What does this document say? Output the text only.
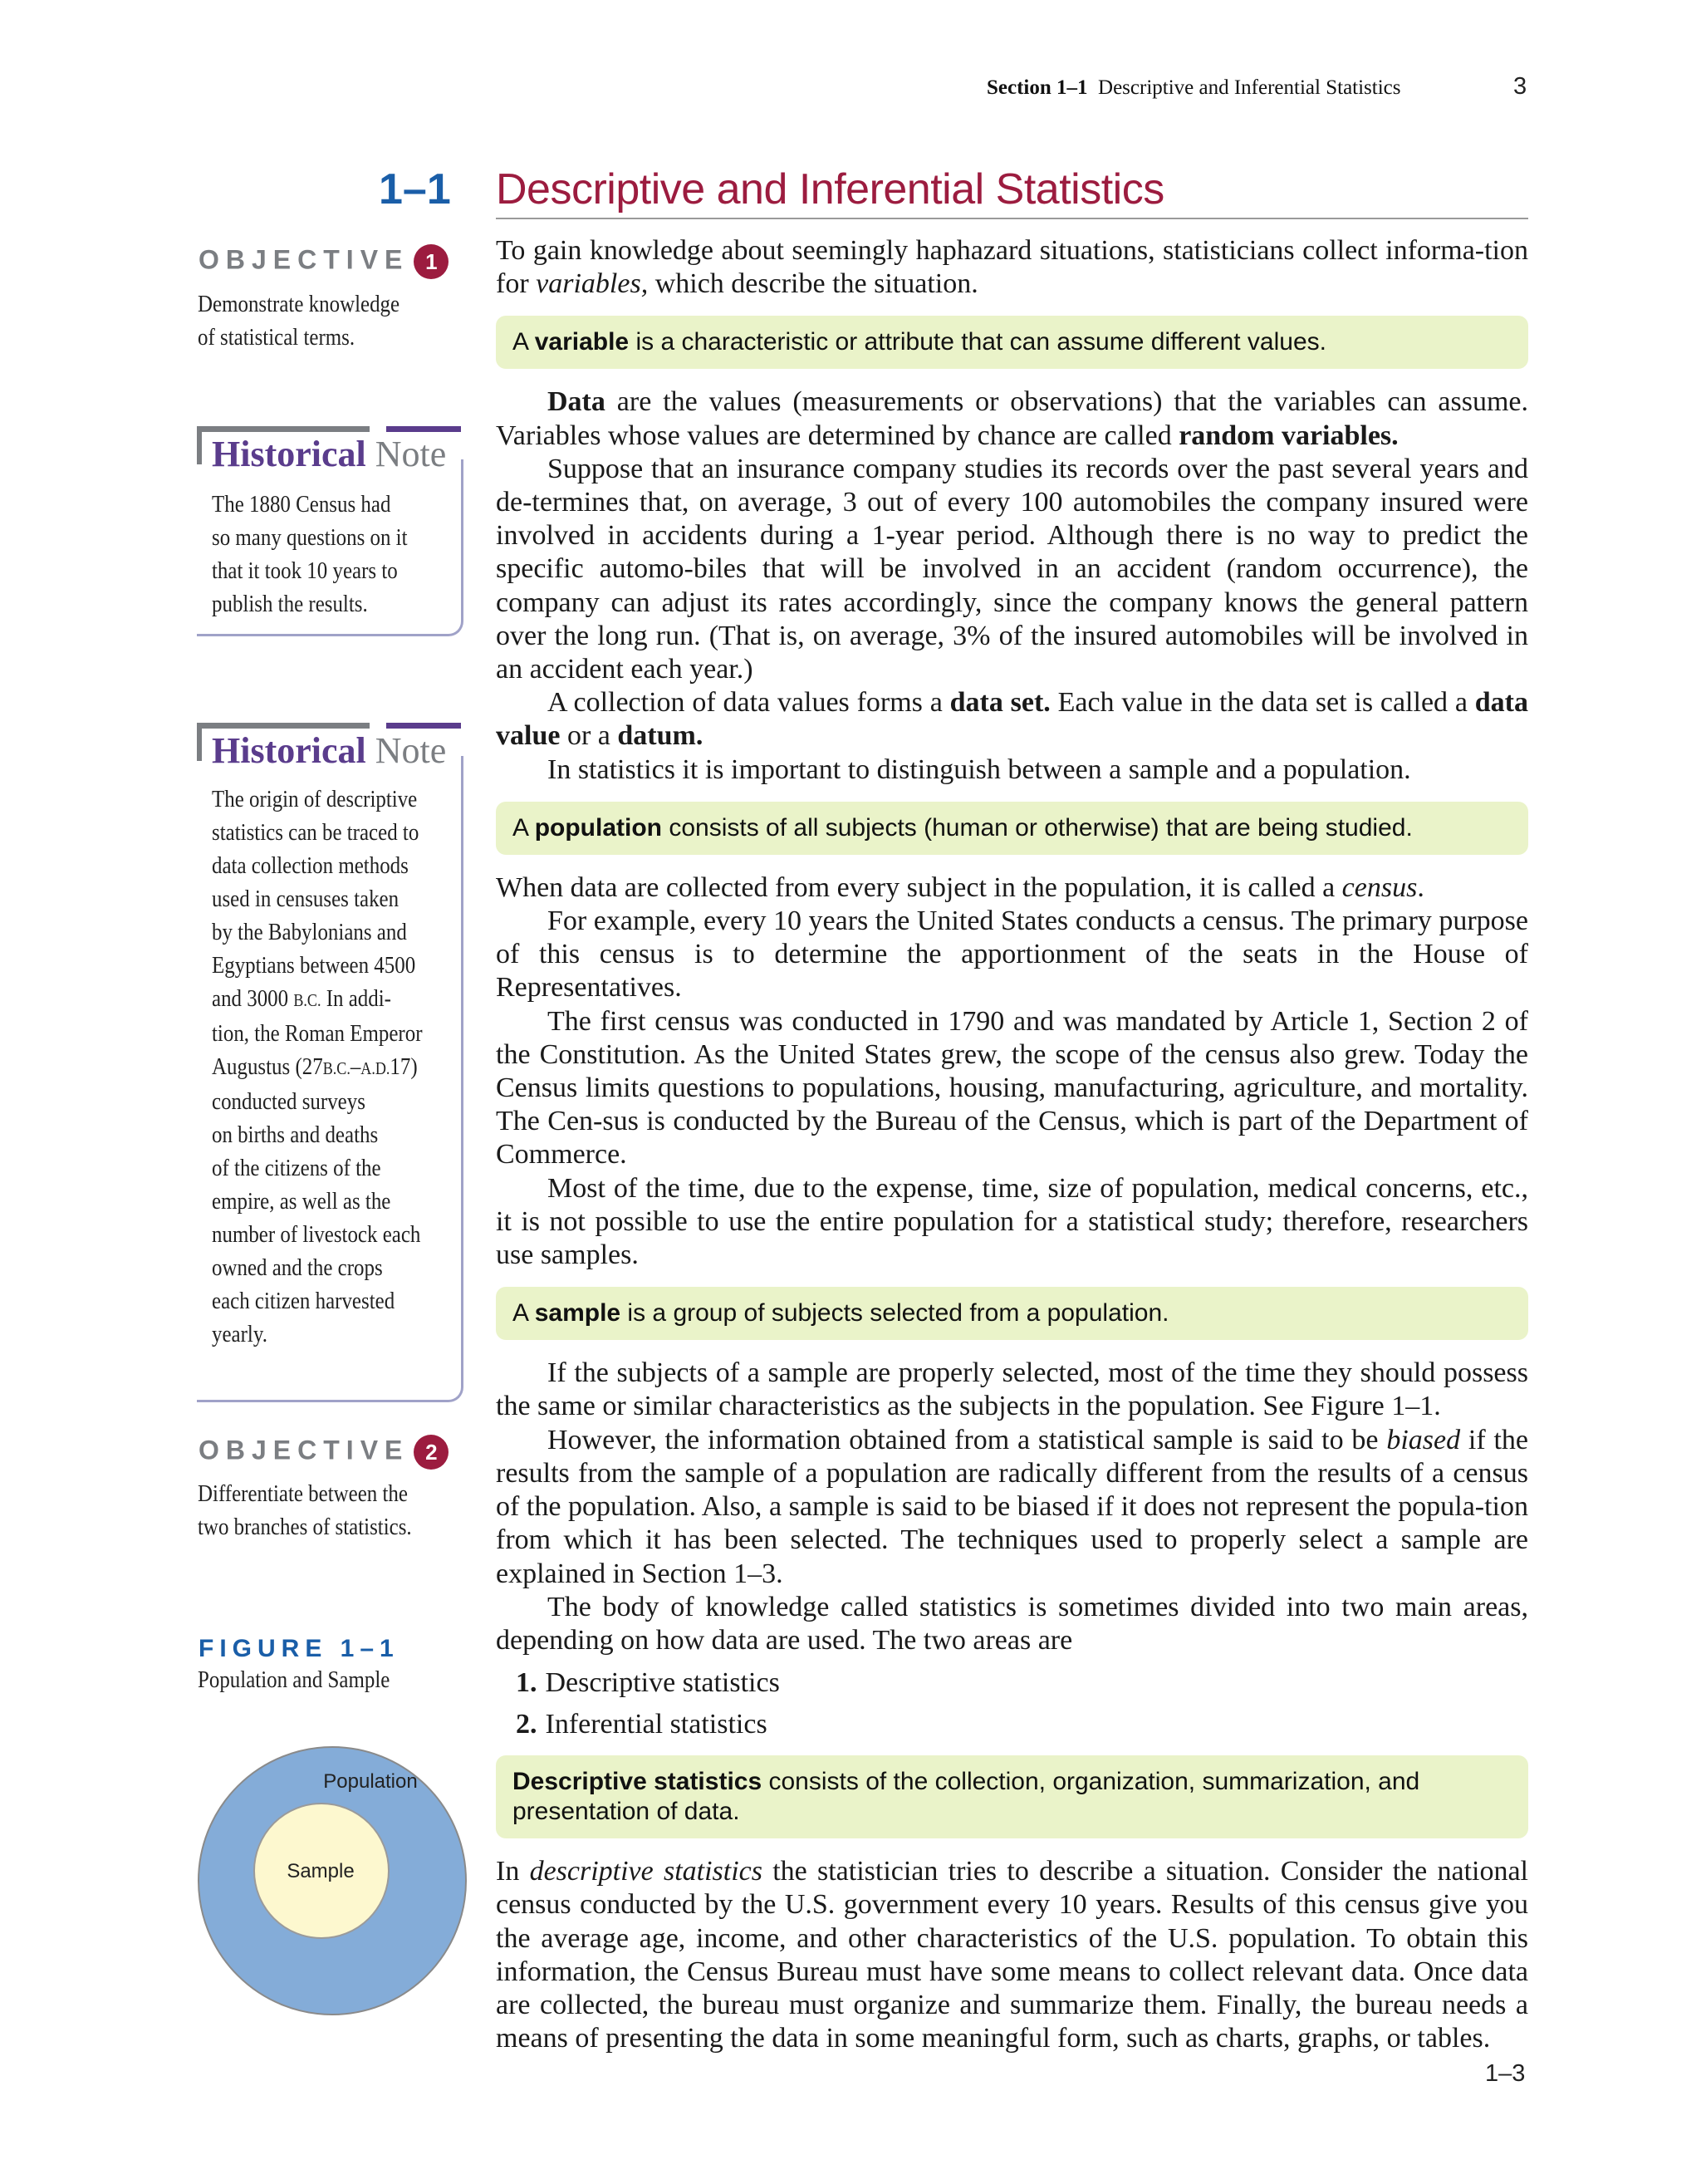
Section 1–1 Descriptive and Inferential Statistics	3
1–1 Descriptive and Inferential Statistics
OBJECTIVE 1
Demonstrate knowledge
of statistical terms.
Historical Note
The 1880 Census had
so many questions on it
that it took 10 years to
publish the results.
Historical Note
The origin of descriptive
statistics can be traced to
data collection methods
used in censuses taken
by the Babylonians and
Egyptians between 4500
and 3000 B.C. In addi-
tion, the Roman Emperor
Augustus (27B.C.–A.D.17)
conducted surveys
on births and deaths
of the citizens of the
empire, as well as the
number of livestock each
owned and the crops
each citizen harvested
yearly.
OBJECTIVE 2
Differentiate between the
two branches of statistics.
FIGURE 1–1
Population and Sample
Population
Sample

To gain knowledge about seemingly haphazard situations, statisticians collect informa-tion for variables, which describe the situation.

A variable is a characteristic or attribute that can assume different values.

Data are the values (measurements or observations) that the variables can assume. Variables whose values are determined by chance are called random variables.

Suppose that an insurance company studies its records over the past several years and de-termines that, on average, 3 out of every 100 automobiles the company insured were involved in accidents during a 1-year period. Although there is no way to predict the specific automo-biles that will be involved in an accident (random occurrence), the company can adjust its rates accordingly, since the company knows the general pattern over the long run. (That is, on average, 3% of the insured automobiles will be involved in an accident each year.)

A collection of data values forms a data set. Each value in the data set is called a data value or a datum.

In statistics it is important to distinguish between a sample and a population.

A population consists of all subjects (human or otherwise) that are being studied.

When data are collected from every subject in the population, it is called a census.

For example, every 10 years the United States conducts a census. The primary purpose of this census is to determine the apportionment of the seats in the House of Representatives.

The first census was conducted in 1790 and was mandated by Article 1, Section 2 of the Constitution. As the United States grew, the scope of the census also grew. Today the Census limits questions to populations, housing, manufacturing, agriculture, and mortality. The Cen-sus is conducted by the Bureau of the Census, which is part of the Department of Commerce.

Most of the time, due to the expense, time, size of population, medical concerns, etc., it is not possible to use the entire population for a statistical study; therefore, researchers use samples.

A sample is a group of subjects selected from a population.

If the subjects of a sample are properly selected, most of the time they should possess the same or similar characteristics as the subjects in the population. See Figure 1–1.

However, the information obtained from a statistical sample is said to be biased if the results from the sample of a population are radically different from the results of a census of the population. Also, a sample is said to be biased if it does not represent the popula-tion from which it has been selected. The techniques used to properly select a sample are explained in Section 1–3.

The body of knowledge called statistics is sometimes divided into two main areas, depending on how data are used. The two areas are

1. Descriptive statistics
2. Inferential statistics
Descriptive statistics consists of the collection, organization, summarization, and presentation of data.

In descriptive statistics the statistician tries to describe a situation. Consider the national census conducted by the U.S. government every 10 years. Results of this census give you the average age, income, and other characteristics of the U.S. population. To obtain this information, the Census Bureau must have some means to collect relevant data. Once data are collected, the bureau must organize and summarize them. Finally, the bureau needs a means of presenting the data in some meaningful form, such as charts, graphs, or tables.

1–3
